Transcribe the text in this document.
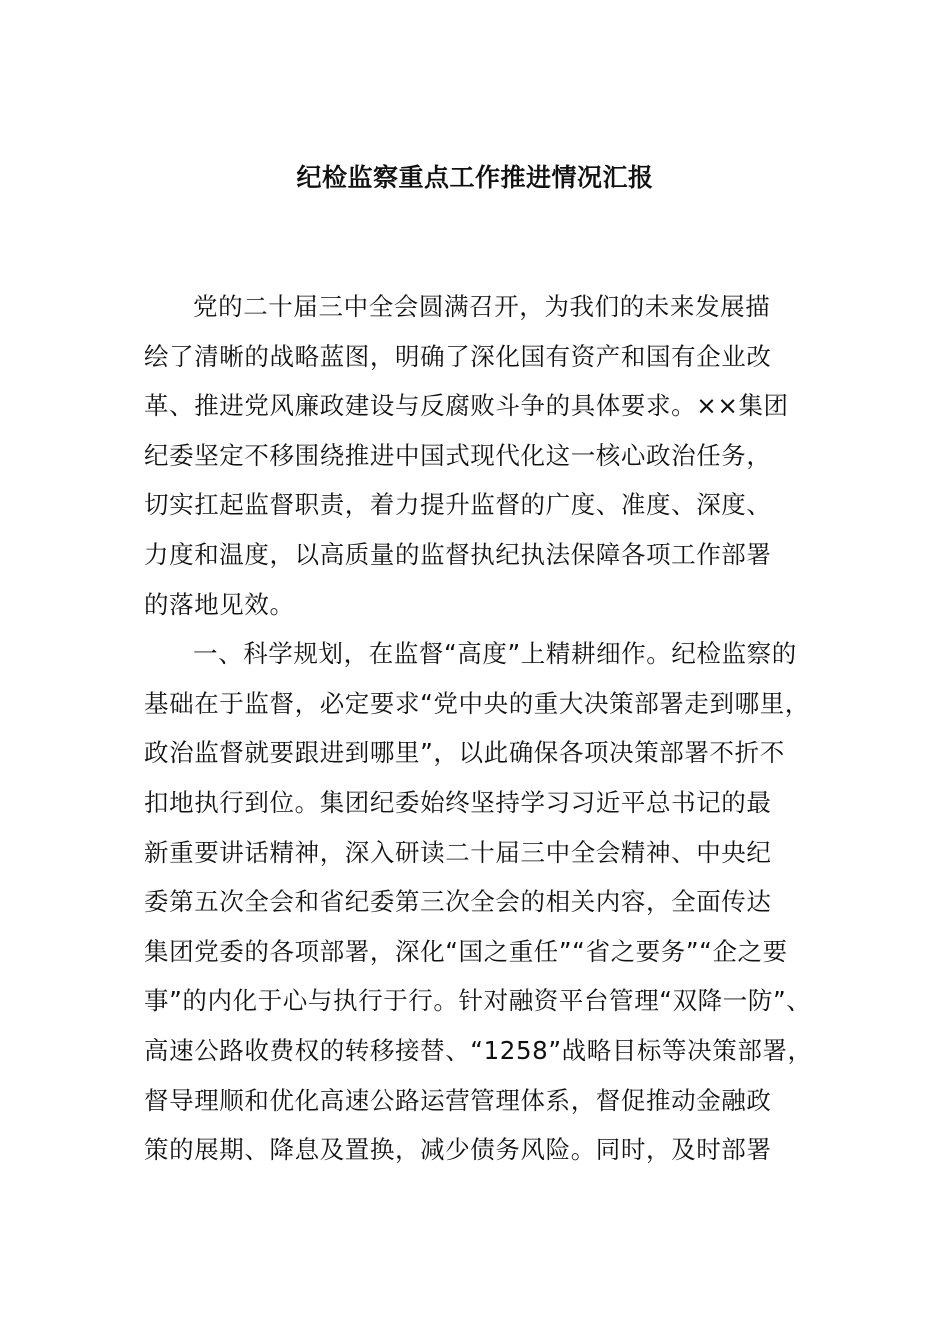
纪检监察重点工作推进情况汇报
党的二十届三中全会圆满召开，为我们的未来发展描
绘了清晰的战略蓝图，明确了深化国有资产和国有企业改
革、推进党风廉政建设与反腐败斗争的具体要求。××集团
纪委坚定不移围绕推进中国式现代化这一核心政治任务，
切实扛起监督职责，着力提升监督的广度、准度、深度、
力度和温度，以高质量的监督执纪执法保障各项工作部署
的落地见效。
一、科学规划，在监督“高度”上精耕细作。纪检监察的
基础在于监督，必定要求“党中央的重大决策部署走到哪里，
政治监督就要跟进到哪里”，以此确保各项决策部署不折不
扣地执行到位。集团纪委始终坚持学习习近平总书记的最
新重要讲话精神，深入研读二十届三中全会精神、中央纪
委第五次全会和省纪委第三次全会的相关内容，全面传达
集团党委的各项部署，深化“国之重任”“省之要务”“企之要
事”的内化于心与执行于行。针对融资平台管理“双降一防”、
高速公路收费权的转移接替、“1258”战略目标等决策部署，
督导理顺和优化高速公路运营管理体系，督促推动金融政
策的展期、降息及置换，减少债务风险。同时，及时部署
